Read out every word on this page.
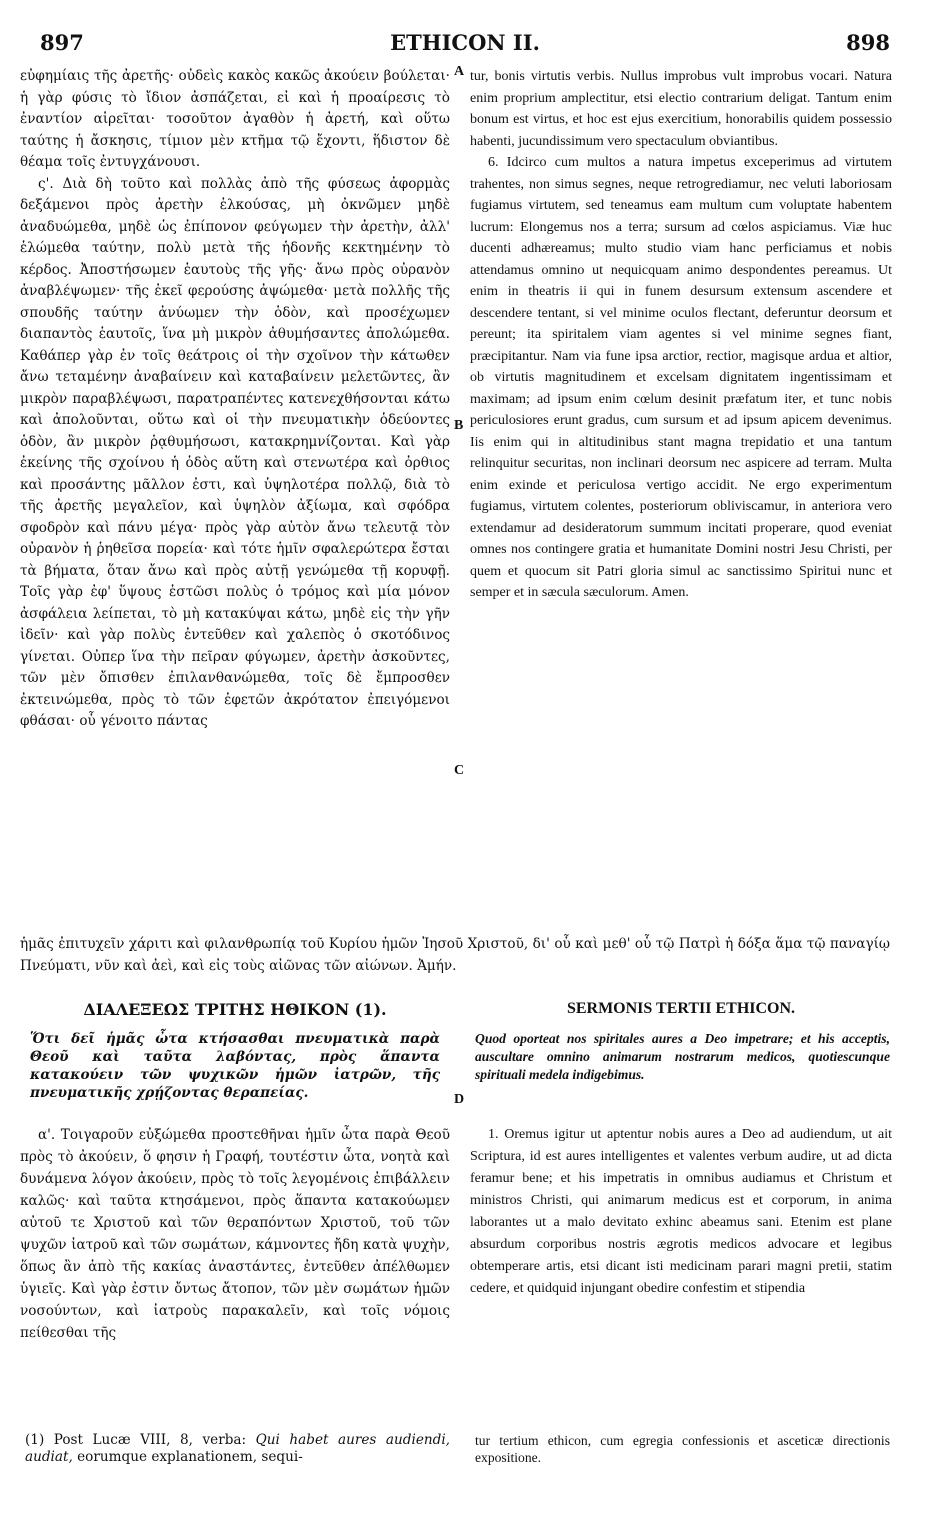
897	ETHICON II.	898

εὐφημίαις τῆς ἀρετῆς· οὐδεὶς κακὸς κακῶς ἀκούειν βούλεται· ἡ γὰρ φύσις τὸ ἴδιον ἀσπάζεται, εἰ καὶ ἡ προαίρεσις τὸ ἐναντίον αἱρεῖται· τοσοῦτον ἀγαθὸν ἡ ἀρετή, καὶ οὕτω ταύτης ἡ ἄσκησις, τίμιον μὲν κτῆμα τῷ ἔχοντι, ἥδιστον δὲ θέαμα τοῖς ἐντυγχάνουσι.

ς'. Διὰ δὴ τοῦτο καὶ πολλὰς ἀπὸ τῆς φύσεως ἀφορμὰς δεξάμενοι πρὸς ἀρετὴν ἑλκούσας, μὴ ὀκνῶμεν μηδὲ ἀναδυώμεθα, μηδὲ ὡς ἐπίπονον φεύγωμεν τὴν ἀρετὴν, ἀλλ' ἑλώμεθα ταύτην, πολὺ μετὰ τῆς ἡδονῆς κεκτημένην τὸ κέρδος. Ἀποστήσωμεν ἑαυτοὺς τῆς γῆς· ἄνω πρὸς οὐρανὸν ἀναβλέψωμεν· τῆς ἐκεῖ φερούσης ἀψώμεθα· μετὰ πολλῆς τῆς σπουδῆς ταύτην ἀνύωμεν τὴν ὁδὸν, καὶ προσέχωμεν διαπαντὸς ἑαυτοῖς, ἵνα μὴ μικρὸν ἀθυμήσαντες ἀπολώμεθα. Καθάπερ γὰρ ἐν τοῖς θεάτροις οἱ τὴν σχοῖνον τὴν κάτωθεν ἄνω τεταμένην ἀναβαίνειν καὶ καταβαίνειν μελετῶντες, ἂν μικρὸν παραβλέψωσι, παρατραπέντες κατενεχθήσονται κάτω καὶ ἀπολοῦνται, οὕτω καὶ οἱ τὴν πνευματικὴν ὁδεύοντες ὁδὸν, ἂν μικρὸν ῥᾳθυμήσωσι, κατακρημνίζονται. Καὶ γὰρ ἐκείνης τῆς σχοίνου ἡ ὁδὸς αὕτη καὶ στενωτέρα καὶ ὀρθιος καὶ προσάντης μᾶλλον ἐστι, καὶ ὑψηλοτέρα πολλῷ, διὰ τὸ τῆς ἀρετῆς μεγαλεῖον, καὶ ὑψηλὸν ἀξίωμα, καὶ σφόδρα σφοδρὸν καὶ πάνυ μέγα· πρὸς γὰρ αὐτὸν ἄνω τελευτᾷ τὸν οὐρανὸν ἡ ῥηθεῖσα πορεία· καὶ τότε ἡμῖν σφαλερώτερα ἔσται τὰ βήματα, ὅταν ἄνω καὶ πρὸς αὐτῇ γενώμεθα τῇ κορυφῇ. Τοῖς γὰρ ἐφ' ὕψους ἑστῶσι πολὺς ὁ τρόμος καὶ μία μόνον ἀσφάλεια λείπεται, τὸ μὴ κατακύψαι κάτω, μηδὲ εἰς τὴν γῆν ἰδεῖν· καὶ γὰρ πολὺς ἐντεῦθεν καὶ χαλεπὸς ὁ σκοτόδινος γίνεται. Οὐπερ ἵνα τὴν πεῖραν φύγωμεν, ἀρετὴν ἀσκοῦντες, τῶν μὲν ὄπισθεν ἐπιλανθανώμεθα, τοῖς δὲ ἔμπροσθεν ἐκτεινώμεθα, πρὸς τὸ τῶν ἐφετῶν ἀκρότατον ἐπειγόμενοι φθάσαι· οὗ γένοιτο πάντας

tur, bonis virtutis verbis. Nullus improbus vult improbus vocari. Natura enim proprium amplectitur, etsi electio contrarium deligat. Tantum enim bonum est virtus, et hoc est ejus exercitium, honorabilis quidem possessio habenti, jucundissimum vero spectaculum obviantibus.

6. Idcirco cum multos a natura impetus exceperimus ad virtutem trahentes, non simus segnes, neque retrogrediamur, nec veluti laboriosam fugiamus virtutem, sed teneamus eam multum cum voluptate habentem lucrum: Elongemus nos a terra; sursum ad cœlos aspiciamus. Viæ huc ducenti adhæreamus; multo studio viam hanc perficiamus et nobis attendamus omnino ut nequicquam animo despondentes pereamus. Ut enim in theatris ii qui in funem desursum extensum ascendere et descendere tentant, si vel minime oculos flectant, deferuntur deorsum et pereunt; ita spiritalem viam agentes si vel minime segnes fiant, præcipitantur. Nam via fune ipsa arctior, rectior, magisque ardua et altior, ob virtutis magnitudinem et excelsam dignitatem ingentissimam et maximam; ad ipsum enim cœlum desinit præfatum iter, et tunc nobis periculosiores erunt gradus, cum sursum et ad ipsum apicem devenimus. Iis enim qui in altitudinibus stant magna trepidatio et una tantum relinquitur securitas, non inclinari deorsum nec aspicere ad terram. Multa enim exinde et periculosa vertigo accidit. Ne ergo experimentum fugiamus, virtutem colentes, posteriorum obliviscamur, in anteriora vero extendamur ad desideratorum summum incitati properare, quod eveniat omnes nos contingere gratia et humanitate Domini nostri Jesu Christi, per quem et quocum sit Patri gloria simul ac sanctissimo Spiritui nunc et semper et in sæcula sæculorum. Amen.

A
B
C
ἡμᾶς ἐπιτυχεῖν χάριτι καὶ φιλανθρωπίᾳ τοῦ Κυρίου ἡμῶν Ἰησοῦ Χριστοῦ, δι' οὗ καὶ μεθ' οὗ τῷ Πατρὶ ἡ δόξα ἅμα τῷ παναγίῳ Πνεύματι, νῦν καὶ ἀεὶ, καὶ εἰς τοὺς αἰῶνας τῶν αἰώνων. Ἀμήν.
ΔΙΑΛΕΞΕΩΣ ΤΡΙΤΗΣ ΗΘΙΚΟΝ (1).	SERMONIS TERTII ETHICON.
Ὅτι δεῖ ἡμᾶς ὦτα κτήσασθαι πνευματικὰ παρὰ Θεοῦ καὶ ταῦτα λαβόντας, πρὸς ἅπαντα κατακούειν τῶν ψυχικῶν ἡμῶν ἰατρῶν, τῆς πνευματικῆς χρῄζοντας θεραπείας.
Quod oporteat nos spiritales aures a Deo impetrare; et his acceptis, auscultare omnino animarum nostrarum medicos, quotiescunque spirituali medela indigebimus.
D

α'. Τοιγαροῦν εὐξώμεθα προστεθῆναι ἡμῖν ὦτα παρὰ Θεοῦ πρὸς τὸ ἀκούειν, ὅ φησιν ἡ Γραφή, τουτέστιν ὦτα, νοητὰ καὶ δυνάμενα λόγον ἀκούειν, πρὸς τὸ τοῖς λεγομένοις ἐπιβάλλειν καλῶς· καὶ ταῦτα κτησάμενοι, πρὸς ἅπαντα κατακούωμεν αὐτοῦ τε Χριστοῦ καὶ τῶν θεραπόντων Χριστοῦ, τοῦ τῶν ψυχῶν ἰατροῦ καὶ τῶν σωμάτων, κάμνοντες ἤδη κατὰ ψυχὴν, ὅπως ἂν ἀπὸ τῆς κακίας ἀναστάντες, ἐντεῦθεν ἀπέλθωμεν ὑγιεῖς. Καὶ γὰρ ἐστιν ὄντως ἄτοπον, τῶν μὲν σωμάτων ἡμῶν νοσούντων, καὶ ἰατροὺς παρακαλεῖν, καὶ τοῖς νόμοις πείθεσθαι τῆς

1. Oremus igitur ut aptentur nobis aures a Deo ad audiendum, ut ait Scriptura, id est aures intelligentes et valentes verbum audire, ut ad dicta feramur bene; et his impetratis in omnibus audiamus et Christum et ministros Christi, qui animarum medicus est et corporum, in anima laborantes ut a malo devitato exhinc abeamus sani. Etenim est plane absurdum corporibus nostris ægrotis medicos advocare et legibus obtemperare artis, etsi dicant isti medicinam parari magni pretii, statim cedere, et quidquid injungant obedire confestim et stipendia

(1) Post Lucæ VIII, 8, verba: Qui habet aures audiendi, audiat, eorumque explanationem, sequi-
tur tertium ethicon, cum egregia confessionis et asceticæ directionis expositione.
